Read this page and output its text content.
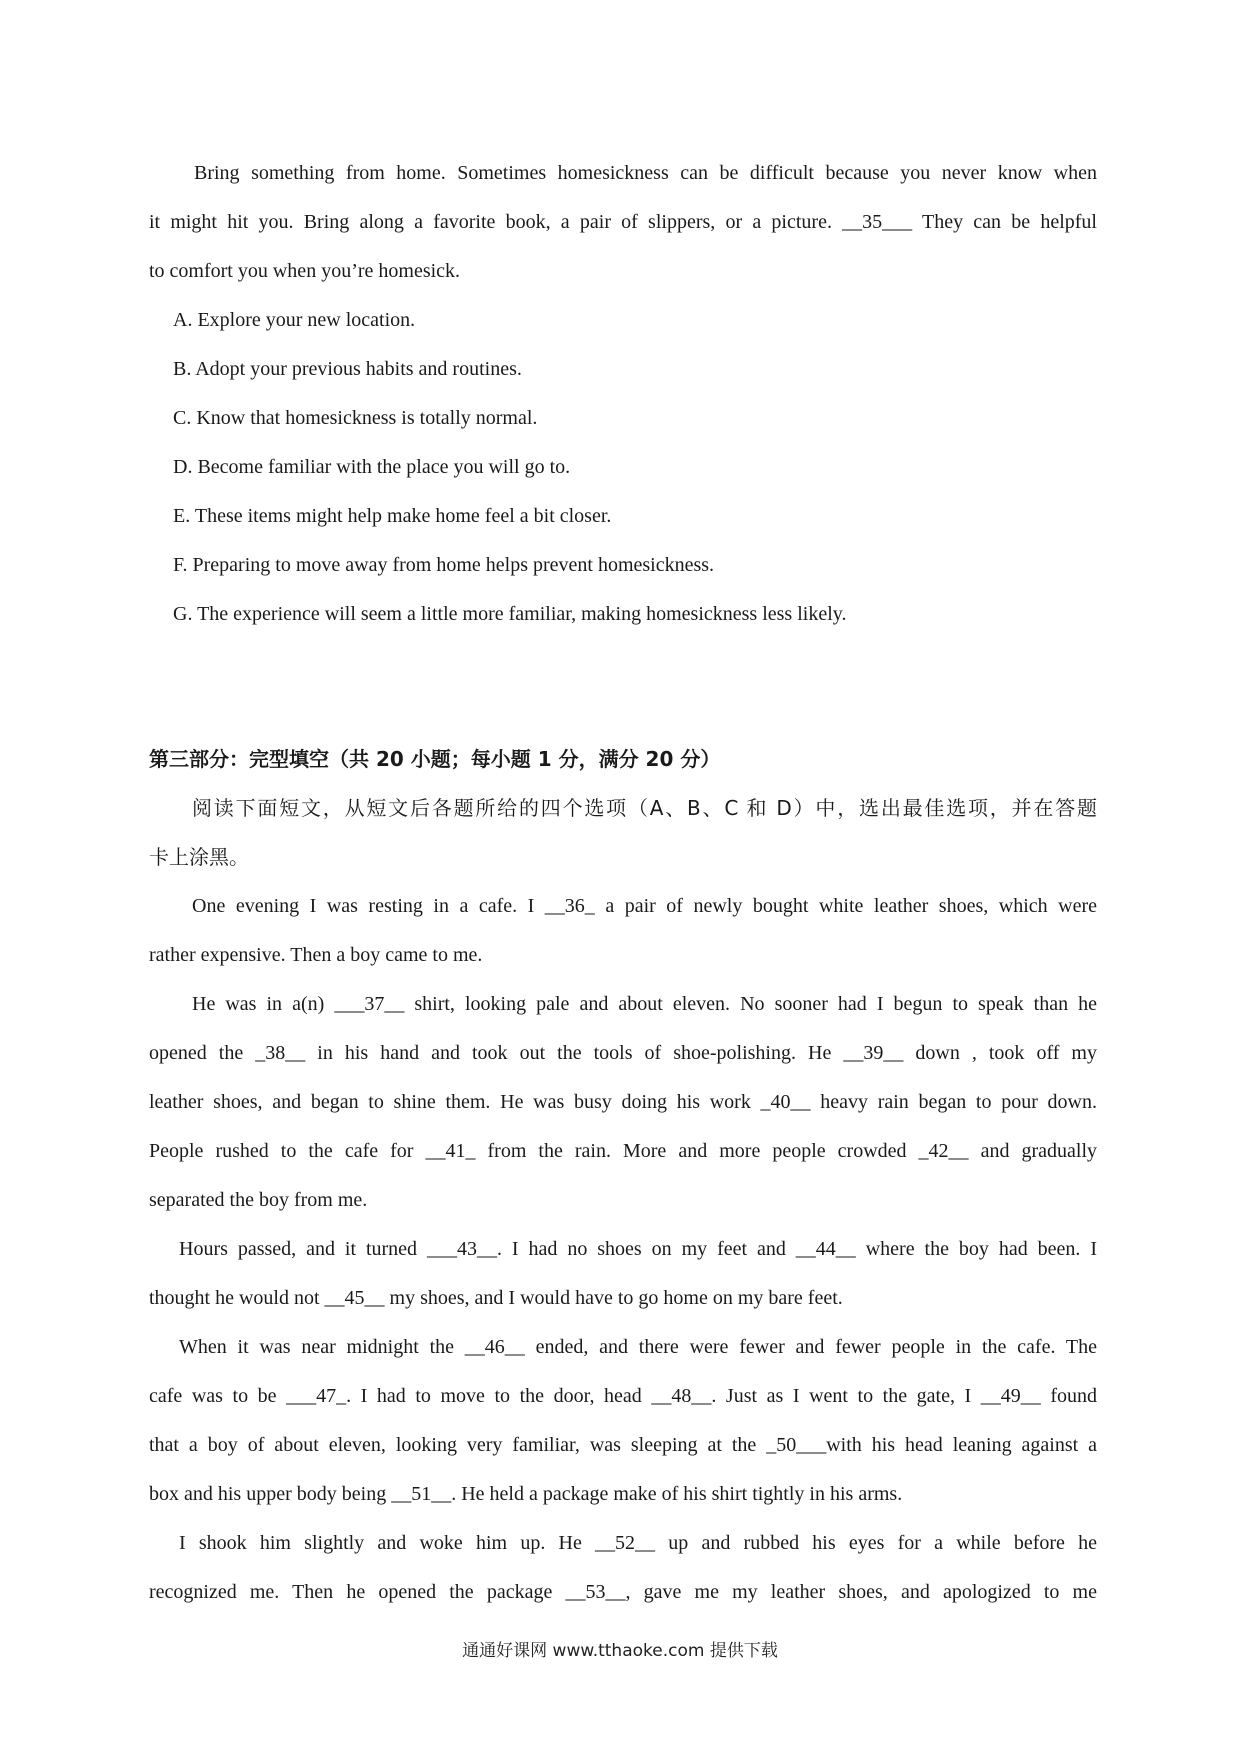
Bring something from home. Sometimes homesickness can be difficult because you never know when
it might hit you. Bring along a favorite book, a pair of slippers, or a picture. __35___ They can be helpful
to comfort you when you’re homesick.
A. Explore your new location.
B. Adopt your previous habits and routines.
C. Know that homesickness is totally normal.
D. Become familiar with the place you will go to.
E. These items might help make home feel a bit closer.
F. Preparing to move away from home helps prevent homesickness.
G. The experience will seem a little more familiar, making homesickness less likely.
第三部分：完型填空（共 20 小题；每小题 1 分，满分 20 分）
阅读下面短文，从短文后各题所给的四个选项（A、B、C 和 D）中，选出最佳选项，并在答题
卡上涂黑。
One evening I was resting in a cafe. I __36_ a pair of newly bought white leather shoes, which were
rather expensive. Then a boy came to me.
He was in a(n) ___37__ shirt, looking pale and about eleven. No sooner had I begun to speak than he
opened the _38__ in his hand and took out the tools of shoe-polishing. He __39__ down , took off my
leather shoes, and began to shine them. He was busy doing his work _40__ heavy rain began to pour down.
People rushed to the cafe for __41_ from the rain. More and more people crowded _42__ and gradually
separated the boy from me.
Hours passed, and it turned ___43__. I had no shoes on my feet and __44__ where the boy had been. I
thought he would not __45__ my shoes, and I would have to go home on my bare feet.
When it was near midnight the __46__ ended, and there were fewer and fewer people in the cafe. The
cafe was to be ___47_. I had to move to the door, head __48__. Just as I went to the gate, I __49__ found
that a boy of about eleven, looking very familiar, was sleeping at the _50___with his head leaning against a
box and his upper body being __51__. He held a package make of his shirt tightly in his arms.
I shook him slightly and woke him up. He __52__ up and rubbed his eyes for a while before he
recognized me. Then he opened the package __53__, gave me my leather shoes, and apologized to me
通通好课网 www.tthaoke.com 提供下载
